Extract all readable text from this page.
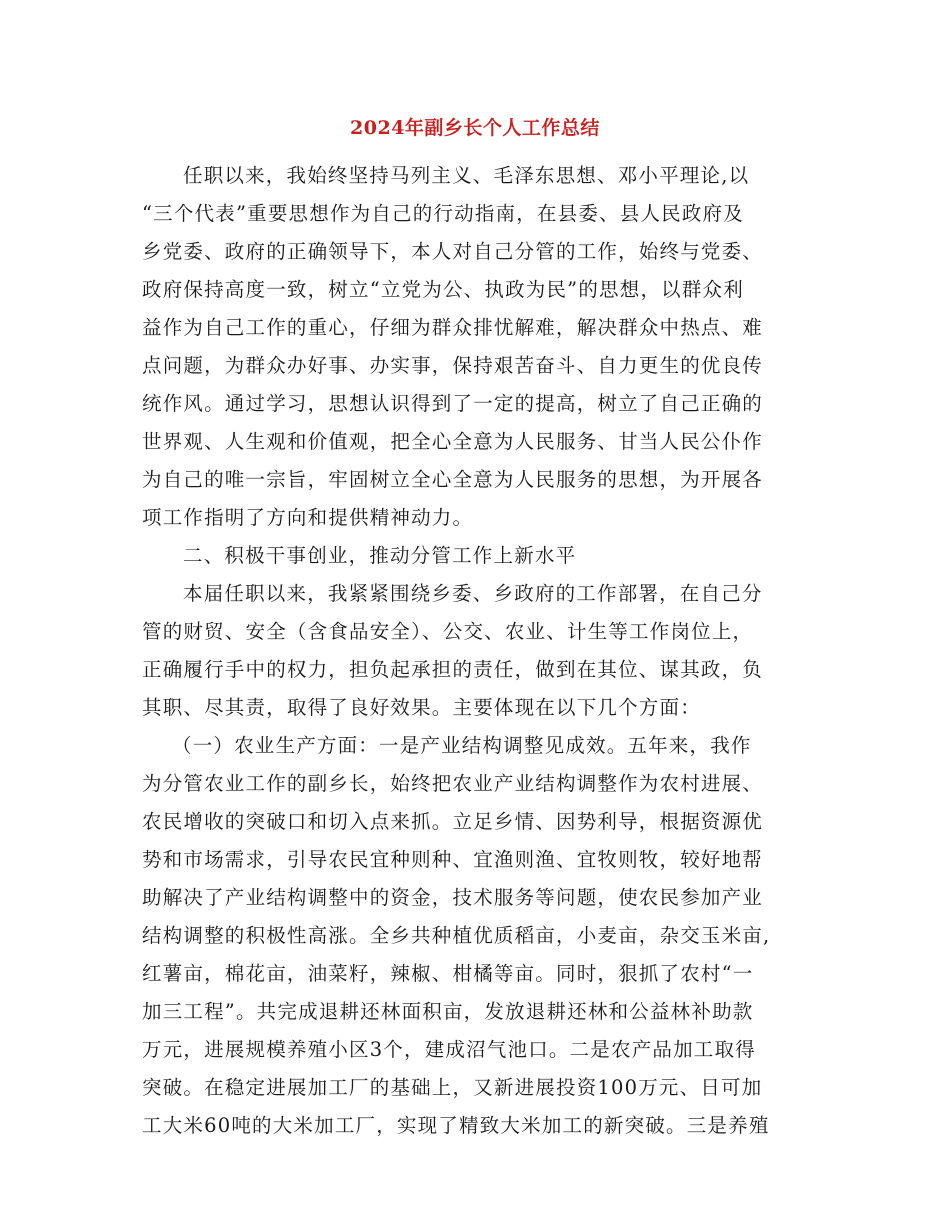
2024年副乡长个人工作总结
任职以来，我始终坚持马列主义、毛泽东思想、邓小平理论,以
“三个代表”重要思想作为自己的行动指南，在县委、县人民政府及
乡党委、政府的正确领导下，本人对自己分管的工作，始终与党委、
政府保持高度一致，树立“立党为公、执政为民”的思想，以群众利
益作为自己工作的重心，仔细为群众排忧解难，解决群众中热点、难
点问题，为群众办好事、办实事，保持艰苦奋斗、自力更生的优良传
统作风。通过学习，思想认识得到了一定的提高，树立了自己正确的
世界观、人生观和价值观，把全心全意为人民服务、甘当人民公仆作
为自己的唯一宗旨，牢固树立全心全意为人民服务的思想，为开展各
项工作指明了方向和提供精神动力。
二、积极干事创业，推动分管工作上新水平
本届任职以来，我紧紧围绕乡委、乡政府的工作部署，在自己分
管的财贸、安全（含食品安全）、公交、农业、计生等工作岗位上，
正确履行手中的权力，担负起承担的责任，做到在其位、谋其政，负
其职、尽其责，取得了良好效果。主要体现在以下几个方面：
（一）农业生产方面：一是产业结构调整见成效。五年来，我作
为分管农业工作的副乡长，始终把农业产业结构调整作为农村进展、
农民增收的突破口和切入点来抓。立足乡情、因势利导，根据资源优
势和市场需求，引导农民宜种则种、宜渔则渔、宜牧则牧，较好地帮
助解决了产业结构调整中的资金，技术服务等问题，使农民参加产业
结构调整的积极性高涨。全乡共种植优质稻亩，小麦亩，杂交玉米亩,
红薯亩，棉花亩，油菜籽，辣椒、柑橘等亩。同时，狠抓了农村“一
加三工程”。共完成退耕还林面积亩，发放退耕还林和公益林补助款
万元，进展规模养殖小区3个，建成沼气池口。二是农产品加工取得
突破。在稳定进展加工厂的基础上，又新进展投资100万元、日可加
工大米60吨的大米加工厂，实现了精致大米加工的新突破。三是养殖
